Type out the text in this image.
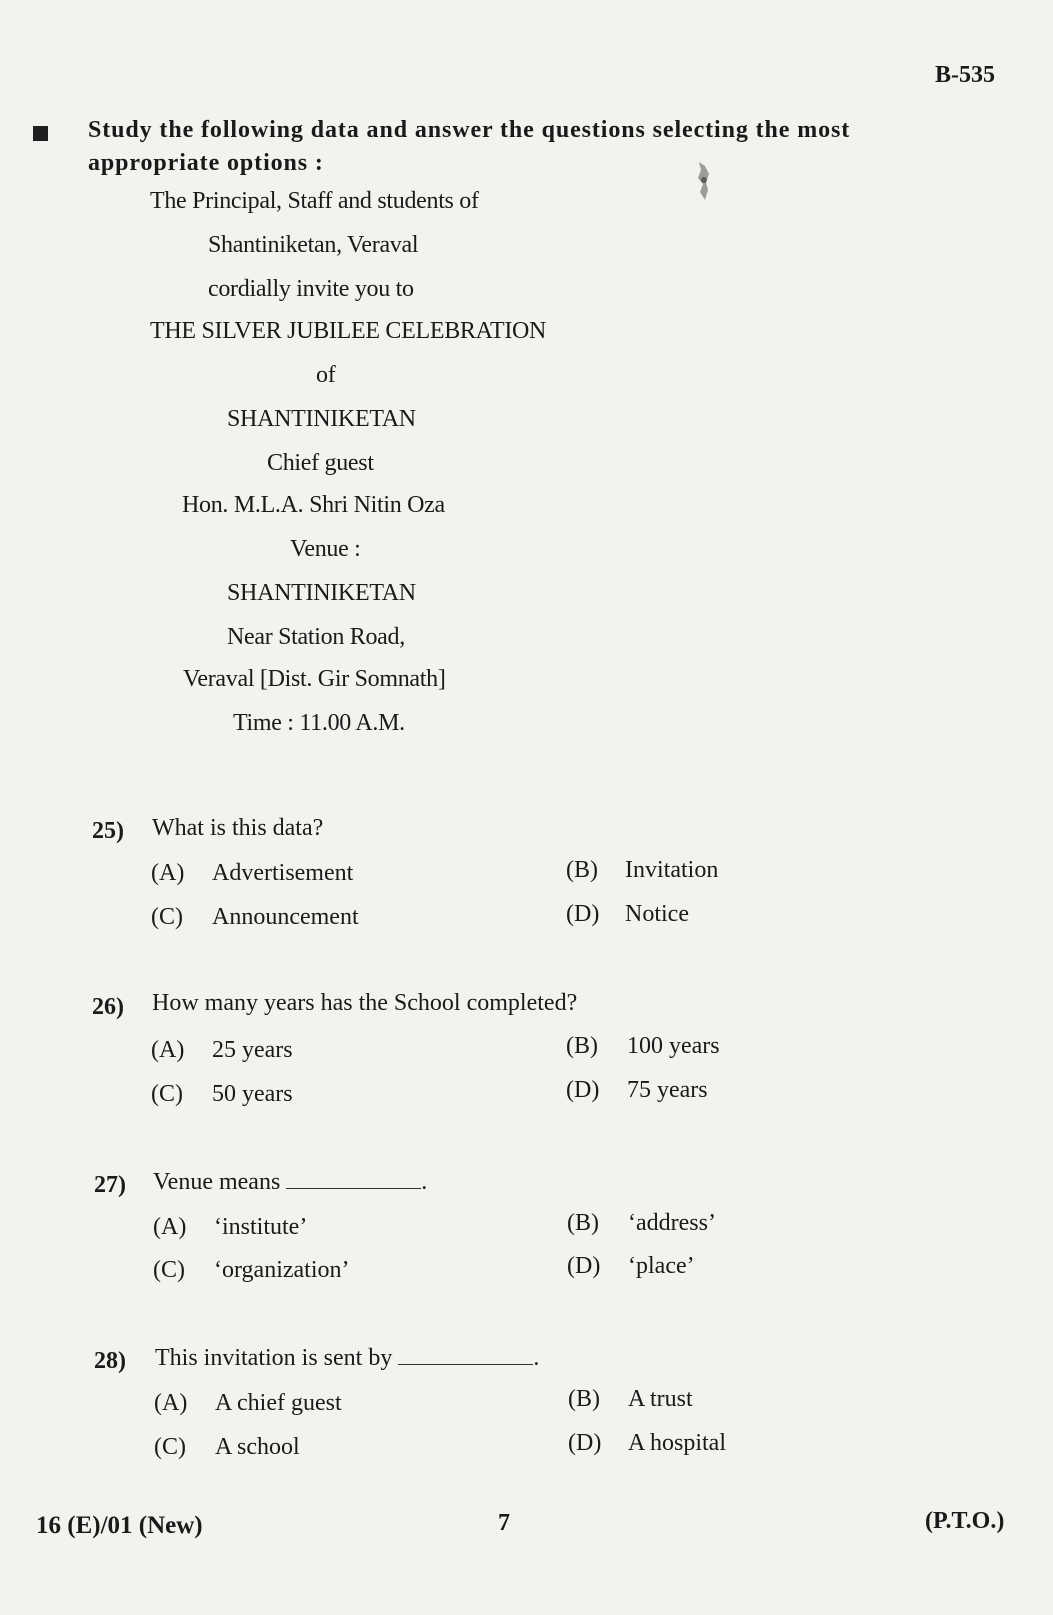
B-535
Study the following data and answer the questions selecting the most appropriate options :
The Principal, Staff and students of
Shantiniketan, Veraval
cordially invite you to
THE SILVER JUBILEE CELEBRATION
of
SHANTINIKETAN
Chief guest
Hon. M.L.A. Shri Nitin Oza
Venue :
SHANTINIKETAN
Near Station Road,
Veraval [Dist. Gir Somnath]
Time : 11.00 A.M.
25) What is this data?
(A) Advertisement	(B) Invitation
(C) Announcement	(D) Notice
26) How many years has the School completed?
(A) 25 years	(B) 100 years
(C) 50 years	(D) 75 years
27) Venue means	.
(A) ‘institute’	(B) ‘address’
(C) ‘organization’	(D) ‘place’
28) This invitation is sent by	.
(A) A chief guest	(B) A trust
(C) A school	(D) A hospital
16 (E)/01 (New)	7	(P.T.O.)
